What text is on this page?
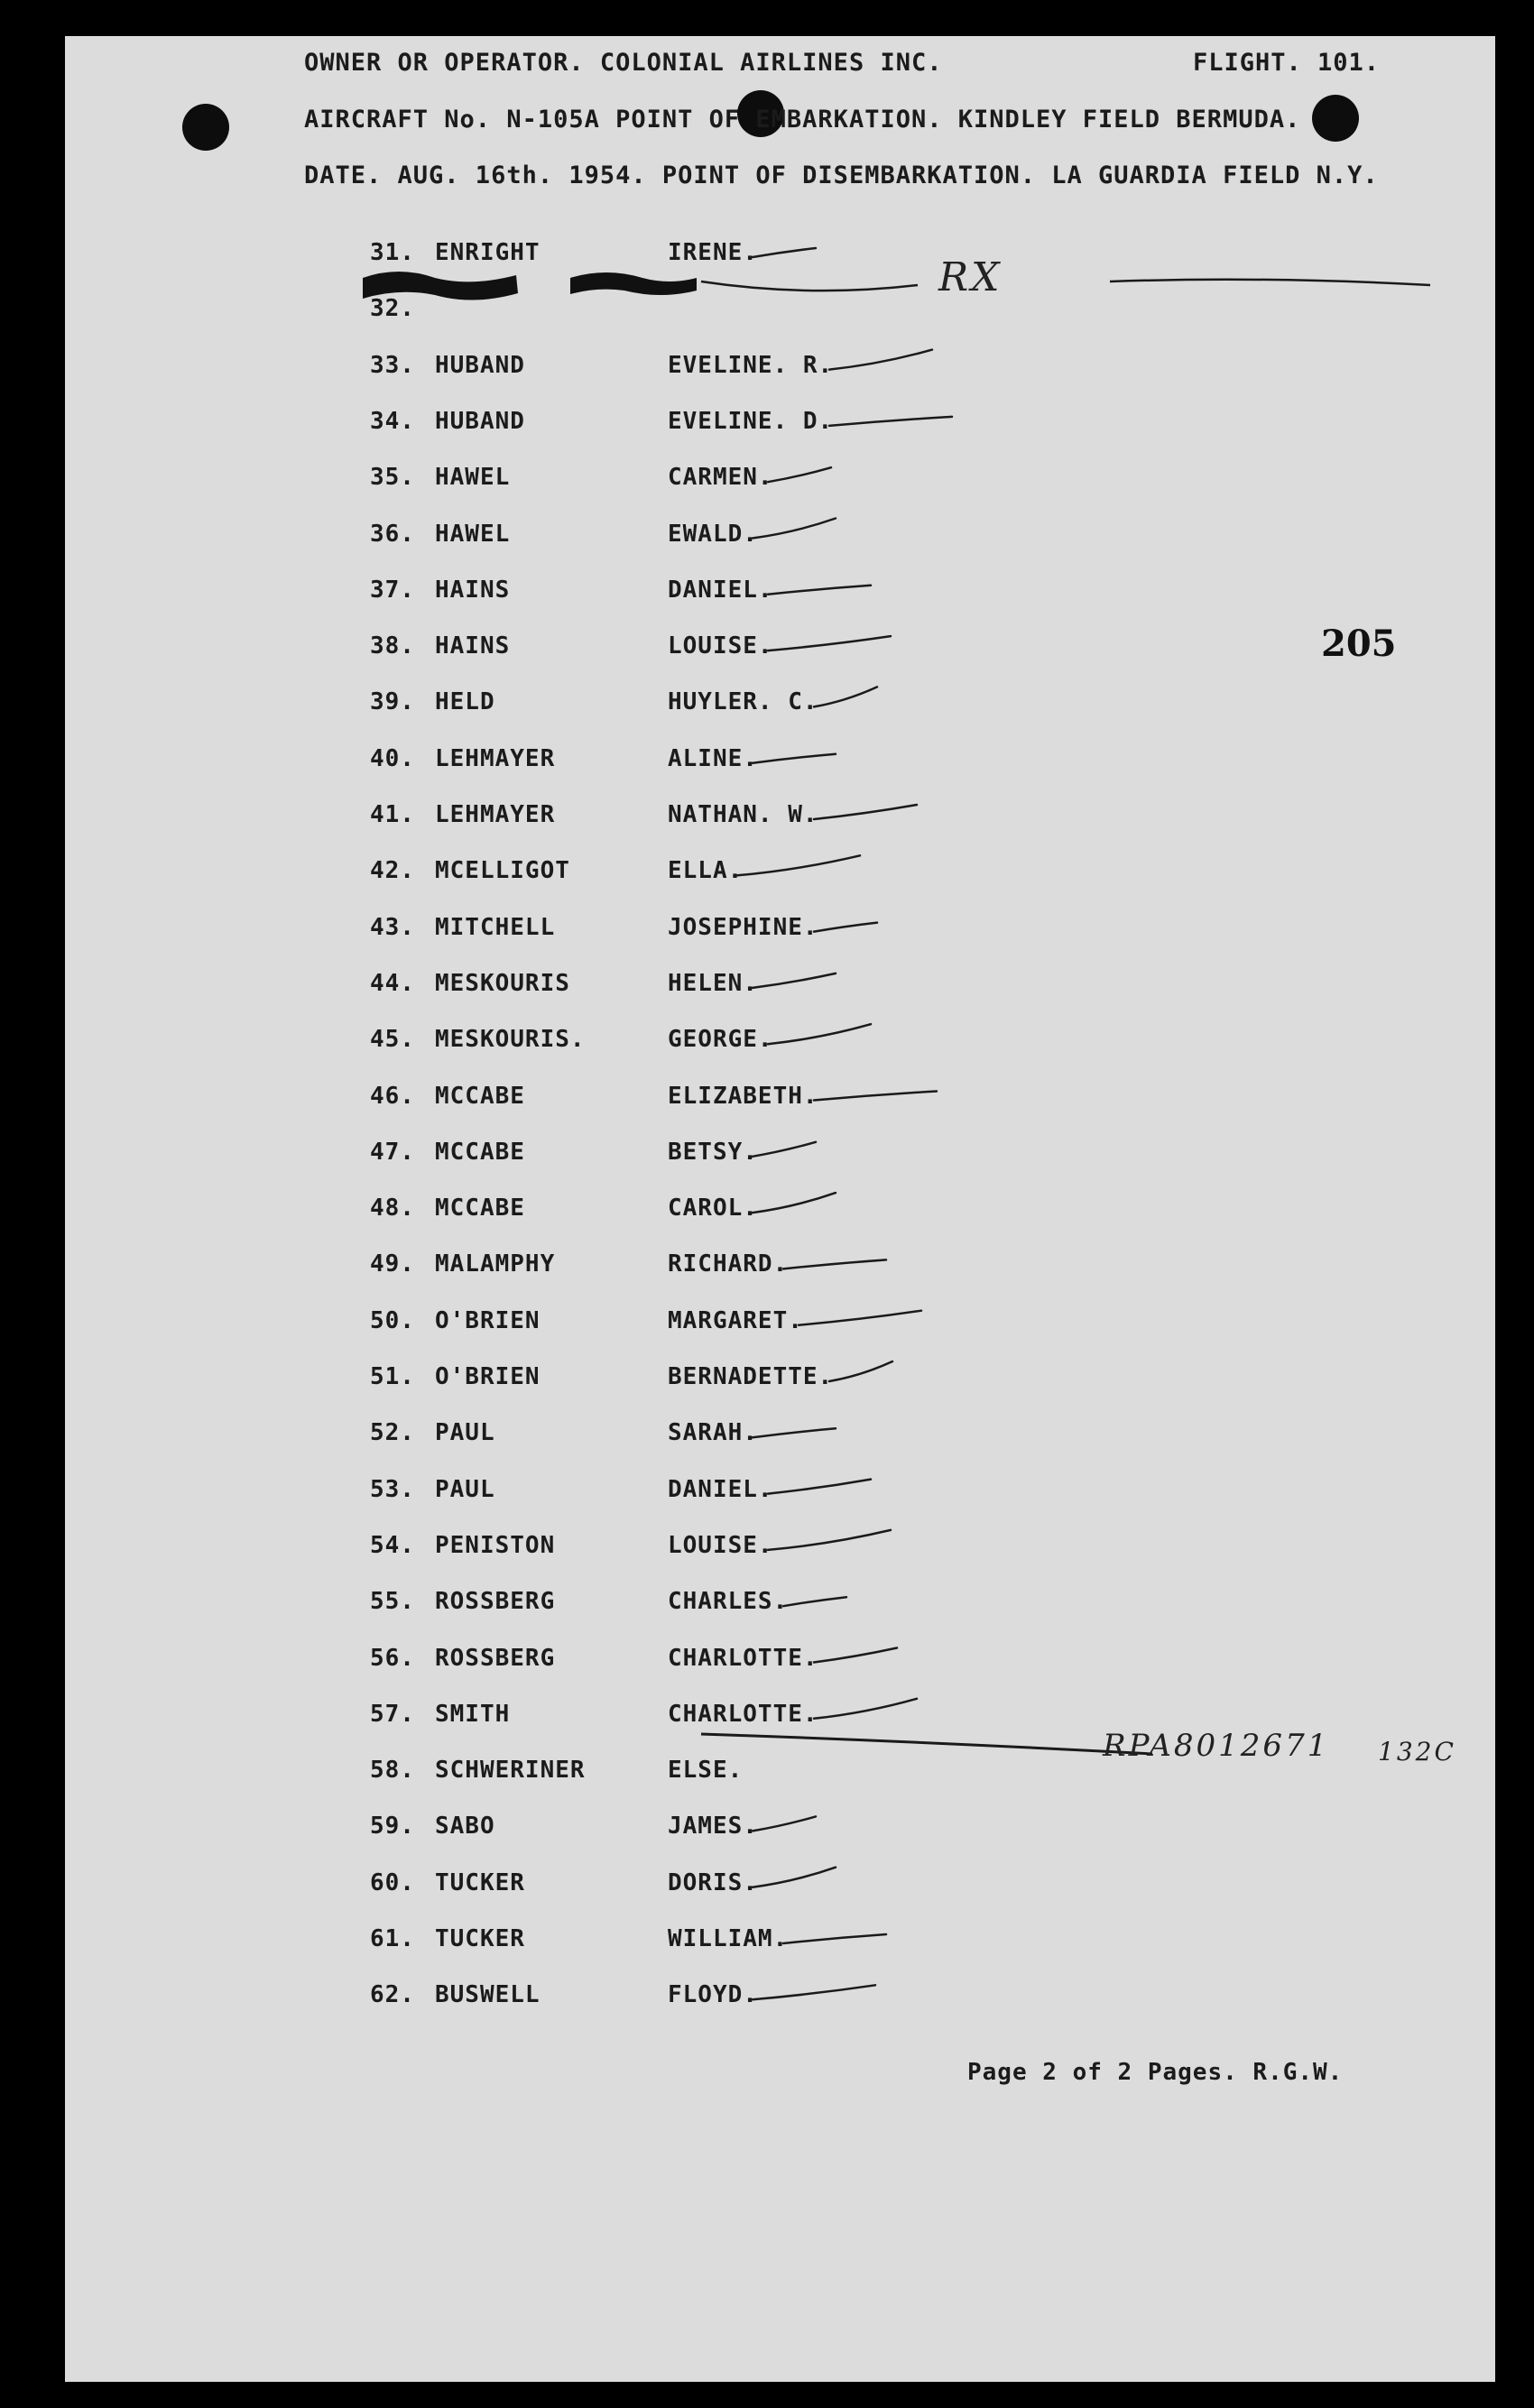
OWNER OR OPERATOR. COLONIAL AIRLINES INC.	FLIGHT. 101.
AIRCRAFT No. N-105A POINT OF EMBARKATION. KINDLEY FIELD BERMUDA.
DATE. AUG. 16th. 1954. POINT OF DISEMBARKATION. LA GUARDIA FIELD N.Y.
31. ENRIGHT	IRENE.
32.
33. HUBAND	EVELINE. R.
34. HUBAND	EVELINE. D.
35. HAWEL	CARMEN.
36. HAWEL	EWALD.
37. HAINS	DANIEL.
38. HAINS	LOUISE.
39. HELD	HUYLER. C.
40. LEHMAYER	ALINE.
41. LEHMAYER	NATHAN. W.
42. MCELLIGOT	ELLA.
43. MITCHELL	JOSEPHINE.
44. MESKOURIS	HELEN.
45. MESKOURIS.	GEORGE.
46. MCCABE	ELIZABETH.
47. MCCABE	BETSY.
48. MCCABE	CAROL.
49. MALAMPHY	RICHARD.
50. O'BRIEN	MARGARET.
51. O'BRIEN	BERNADETTE.
52. PAUL	SARAH.
53. PAUL	DANIEL.
54. PENISTON	LOUISE.
55. ROSSBERG	CHARLES.
56. ROSSBERG	CHARLOTTE.
57. SMITH	CHARLOTTE.
58. SCHWERINER	ELSE.
59. SABO	JAMES.
60. TUCKER	DORIS.
61. TUCKER	WILLIAM.
62. BUSWELL	FLOYD.
RX
RPA8012671 132C
205
Page 2 of 2 Pages. R.G.W.
